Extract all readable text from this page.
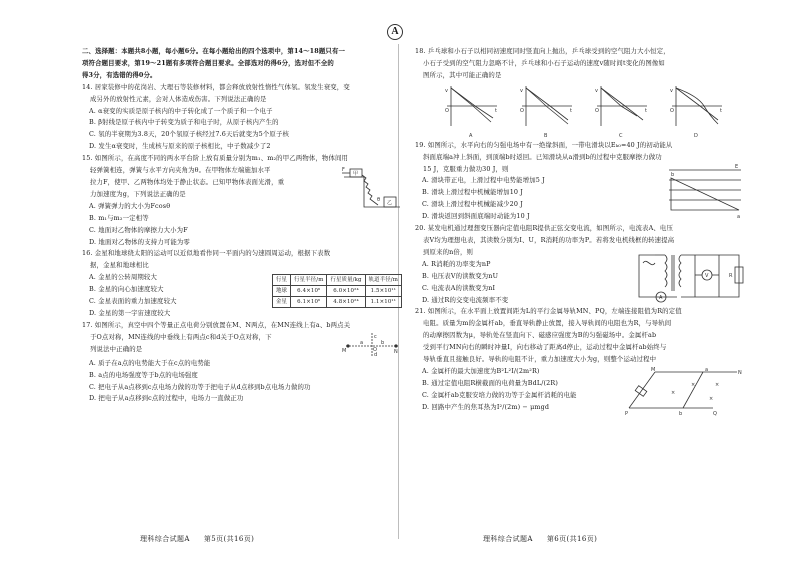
A
二、选择题：本题共8小题，每小题6分。在每小题给出的四个选项中，第14～18题只有一
项符合题目要求，第19～21题有多项符合题目要求。全部选对的得6分，选对但不全的
得3分，有选错的得0分。
14. 居家装修中的花岗岩、大理石等装修材料，都会释放放射性惰性气体氡。氡发生衰变，变
成另外的放射性元素，会对人体造成伤害。下列说法正确的是
A. α衰变的实质是原子核内的中子转化成了一个质子和一个电子
B. β射线是原子核内中子转变为质子和电子时，从原子核内产生的
C. 氡的半衰期为3.8天，20个氡原子核经过7.6天后就变为5个原子核
D. 发生α衰变时，生成核与原来的原子核相比，中子数减少了2
15. 如图所示，在高度不同的两水平台阶上放有质量分别为m₁、m₂的甲乙两物体，物体间用
轻弹簧相连，弹簧与水平方向夹角为θ。在甲物体左端施加水平
拉力F，使甲、乙两物体均处于静止状态。已知甲物体表面光滑，重
力加速度为g，下列说法正确的是
A. 弹簧弹力的大小为Fcosθ
甲
F
乙
θ
B. m₁与m₂一定相等
C. 地面对乙物体的摩擦力大小为F
D. 地面对乙物体的支持力可能为零
16. 金星和地球绕太阳的运动可以近似地看作同一平面内的匀速圆周运动，根据下表数
据，金星和地球相比
A. 金星的公转周期较大
B. 金星的向心加速度较大
C. 金星表面的重力加速度较大
D. 金星的第一宇宙速度较大
行星	行星半径/m	行星质量/kg	轨道半径/m
地球	6.4×10⁶	6.0×10²⁴	1.5×10¹¹
金星	6.1×10⁶	4.8×10²⁴	1.1×10¹¹
17. 如图所示，真空中四个等量正点电荷分别放置在M、N两点，在MN连线上有a、b两点关
于O点对称，MN连线的中垂线上有两点c和d关于O点对称，下
列说法中正确的是	M	N
a	b
c
d
O
A. 质子在a点的电势能大于在c点的电势能
B. a点的电场强度等于b点的电场强度
C. 把电子从a点移到c点电场力做的功等于把电子从d点移到b点电场力做的功
D. 把电子从a点移到c点的过程中，电场力一直做正功
18. 乒乓球和小石子以相同初速度同时竖直向上抛出，乒乓球受到的空气阻力大小恒定，
小石子受到的空气阻力忽略不计，乒乓球和小石子运动的速度v随时间t变化的图像如
图所示，其中可能正确的是
v
t
O
A
v
t
O
B
v
t
O
C
v
t
O
D
19. 如图所示，水平向右的匀强电场中有一绝缘斜面，一带电滑块以Eₖ₀=40 J的初动能从
斜面底端a冲上斜面，到顶端b时返回。已知滑块从a滑到b的过程中克服摩擦力做功
15 J，克服重力做功30 J，则
A. 滑块带正电，上滑过程中电势能增加5 J
B. 滑块上滑过程中机械能增加10 J
C. 滑块上滑过程中机械能减少20 J
D. 滑块返回到斜面底端时动能为10 J
E
b
a
20. 某发电机通过理想变压器向定值电阻R提供正弦交变电流，如图所示，电流表A、电压
表V均为理想电表，其读数分别为I、U，R消耗的功率为P。若将发电机线框的转速提高
到原来的n倍，则
A. R消耗的功率变为nP
B. 电压表V的读数变为nU
C. 电流表A的读数变为nI
D. 通过R的交变电流频率不变	A
V	R
21. 如图所示，在水平面上放置间距为L的平行金属导轨MN、PQ，左端连接阻值为R的定值
电阻。质量为m的金属杆ab，垂直导轨静止放置，接入导轨间的电阻也为R，与导轨间
的动摩擦因数为μ，导轨处在竖直向下、磁感应强度为B的匀强磁场中。金属杆ab
受到平行MN向右的瞬时冲量I，向右移动了距离d停止，运动过程中金属杆ab始终与
导轨垂直且接触良好。导轨的电阻不计，重力加速度大小为g，则整个运动过程中
A. 金属杆的最大加速度为B²L²I/(2m²R)
B. 通过定值电阻R横截面的电荷量为BdL/(2R)
C. 金属杆ab克服安培力做的功等于金属杆消耗的电能
D. 回路中产生的焦耳热为I²/(2m) − μmgd
M	N
P	Q
a
b
×
×	×
×
理科综合试题A 第5页(共16页)	理科综合试题A 第6页(共16页)
